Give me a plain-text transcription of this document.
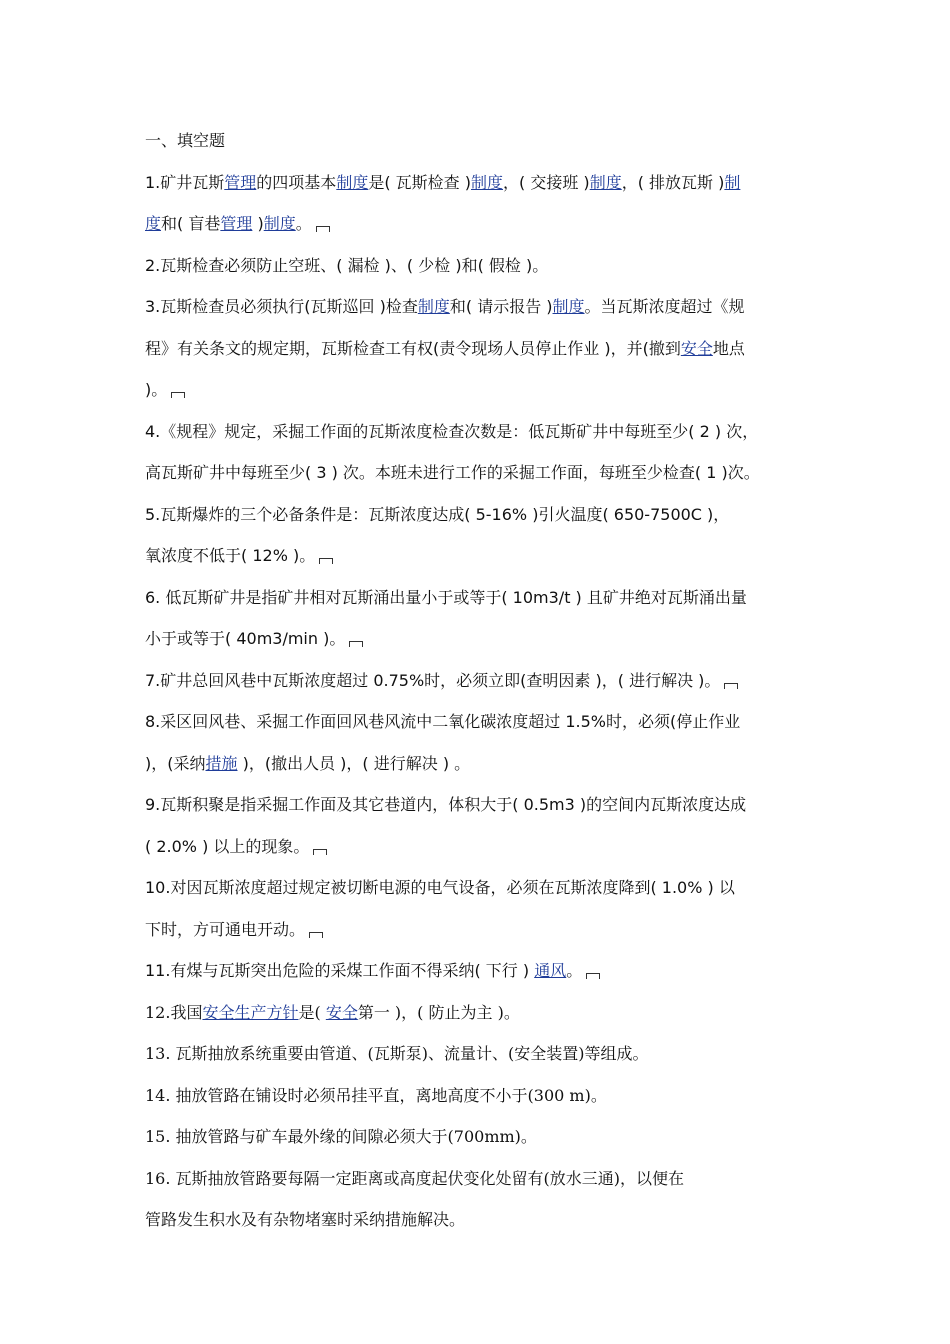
一、填空题
1.矿井瓦斯管理的四项基本制度是( 瓦斯检查 )制度，( 交接班 )制度，( 排放瓦斯 )制
度和( 盲巷管理 )制度。
2.瓦斯检查必须防止空班、( 漏检 )、( 少检 )和( 假检 )。
3.瓦斯检查员必须执行(瓦斯巡回 )检查制度和( 请示报告 )制度。当瓦斯浓度超过《规
程》有关条文的规定期，瓦斯检查工有权(责令现场人员停止作业 )，并(撤到安全地点
)。
4.《规程》规定，采掘工作面的瓦斯浓度检查次数是：低瓦斯矿井中每班至少( 2 ) 次，
高瓦斯矿井中每班至少( 3 ) 次。本班未进行工作的采掘工作面，每班至少检查( 1 )次。
5.瓦斯爆炸的三个必备条件是：瓦斯浓度达成( 5-16% )引火温度( 650-7500C )，
氧浓度不低于( 12% )。
6. 低瓦斯矿井是指矿井相对瓦斯涌出量小于或等于( 10m3/t ) 且矿井绝对瓦斯涌出量
小于或等于( 40m3/min )。
7.矿井总回风巷中瓦斯浓度超过 0.75%时，必须立即(查明因素 )，( 进行解决 )。
8.采区回风巷、采掘工作面回风巷风流中二氧化碳浓度超过 1.5%时，必须(停止作业
)，(采纳措施 )，(撤出人员 )，( 进行解决 ) 。
9.瓦斯积聚是指采掘工作面及其它巷道内，体积大于( 0.5m3 )的空间内瓦斯浓度达成
( 2.0% ) 以上的现象。
10.对因瓦斯浓度超过规定被切断电源的电气设备，必须在瓦斯浓度降到( 1.0% ) 以
下时，方可通电开动。
11.有煤与瓦斯突出危险的采煤工作面不得采纳( 下行 ) 通风。
12.我国安全生产方针是( 安全第一 )，( 防止为主 )。
13. 瓦斯抽放系统重要由管道、(瓦斯泵)、流量计、(安全装置)等组成。
14. 抽放管路在铺设时必须吊挂平直，离地高度不小于(300 m)。
15. 抽放管路与矿车最外缘的间隙必须大于(700mm)。
16. 瓦斯抽放管路要每隔一定距离或高度起伏变化处留有(放水三通)，以便在
管路发生积水及有杂物堵塞时采纳措施解决。
